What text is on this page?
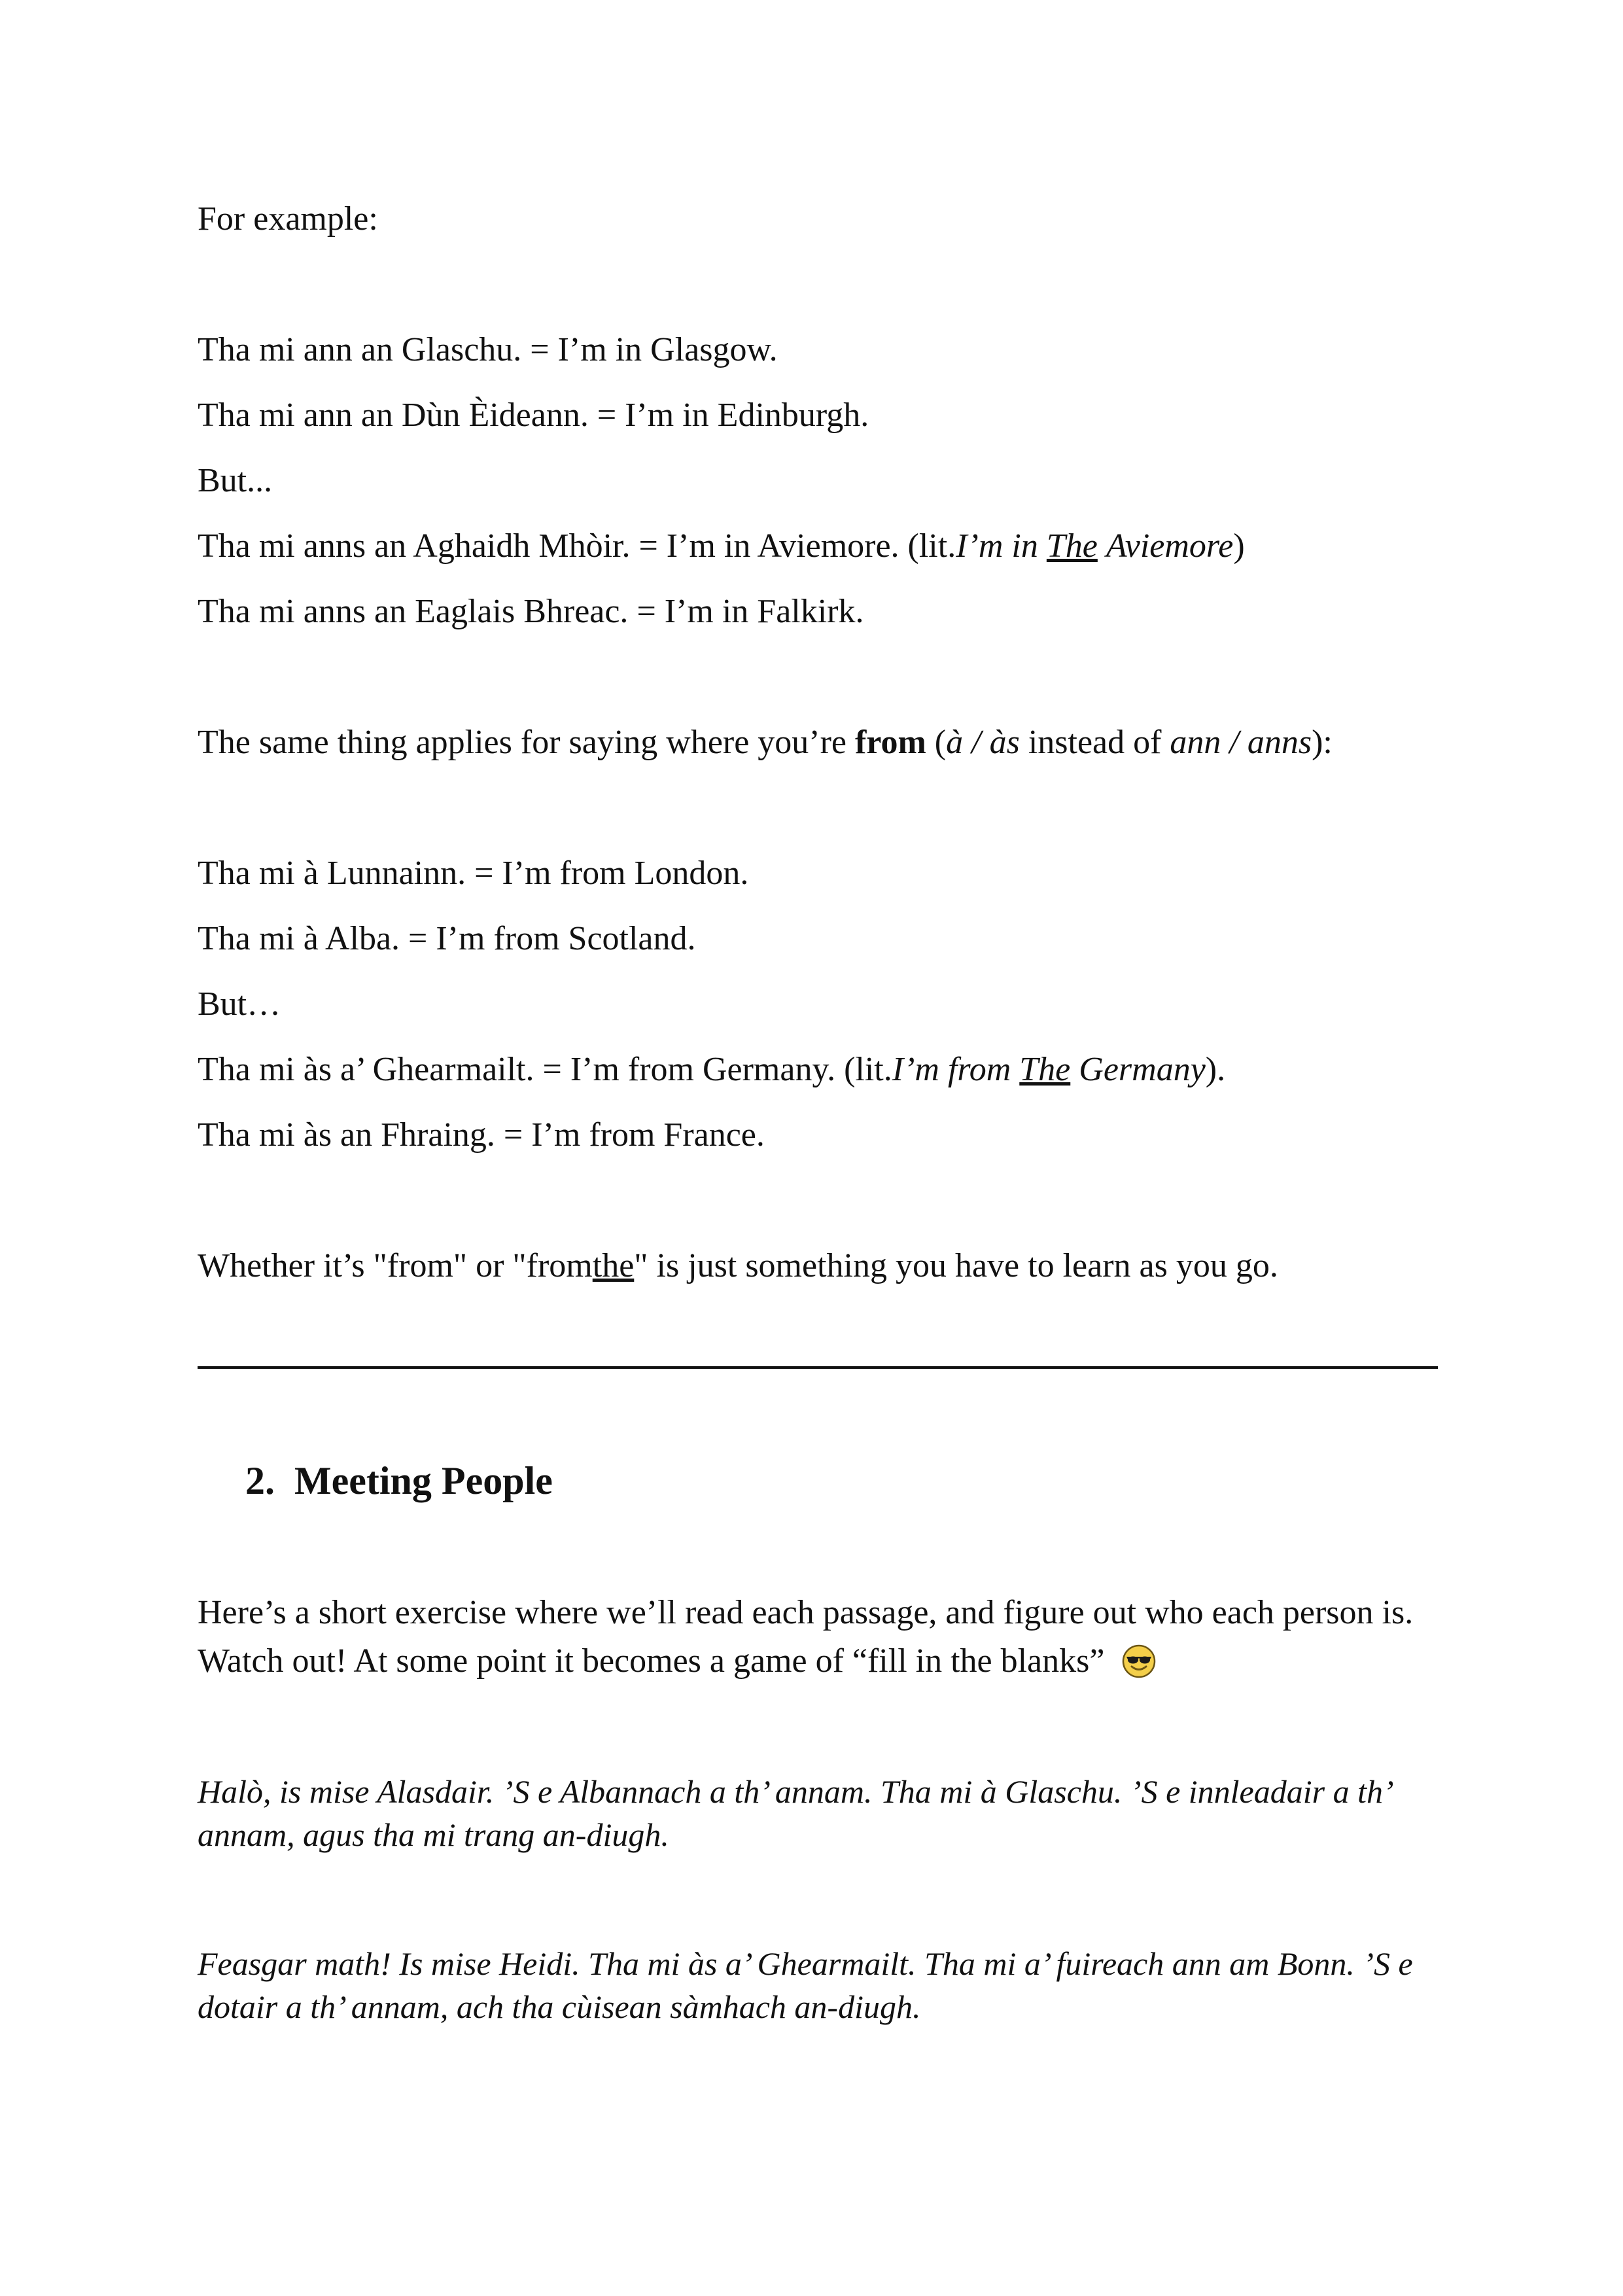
For example:
Tha mi ann an Glaschu. = I’m in Glasgow.
Tha mi ann an Dùn Èideann. = I’m in Edinburgh.
But...
Tha mi anns an Aghaidh Mhòir. = I’m in Aviemore. (lit.I’m in The Aviemore)
Tha mi anns an Eaglais Bhreac. = I’m in Falkirk.
The same thing applies for saying where you’re from (à / às instead of ann / anns):
Tha mi à Lunnainn. = I’m from London.
Tha mi à Alba. = I’m from Scotland.
But…
Tha mi às a’ Ghearmailt. = I’m from Germany. (lit.I’m from The Germany).
Tha mi às an Fhraing. = I’m from France.
Whether it’s "from" or "fromthe" is just something you have to learn as you go.
2. Meeting People
Here’s a short exercise where we’ll read each passage, and figure out who each person is. Watch out! At some point it becomes a game of “fill in the blanks”
Halò, is mise Alasdair. ’S e Albannach a th’ annam. Tha mi à Glaschu. ’S e innleadair a th’ annam, agus tha mi trang an-diugh.
Feasgar math! Is mise Heidi. Tha mi às a’ Ghearmailt. Tha mi a’ fuireach ann am Bonn. ’S e dotair a th’ annam, ach tha cùisean sàmhach an-diugh.
